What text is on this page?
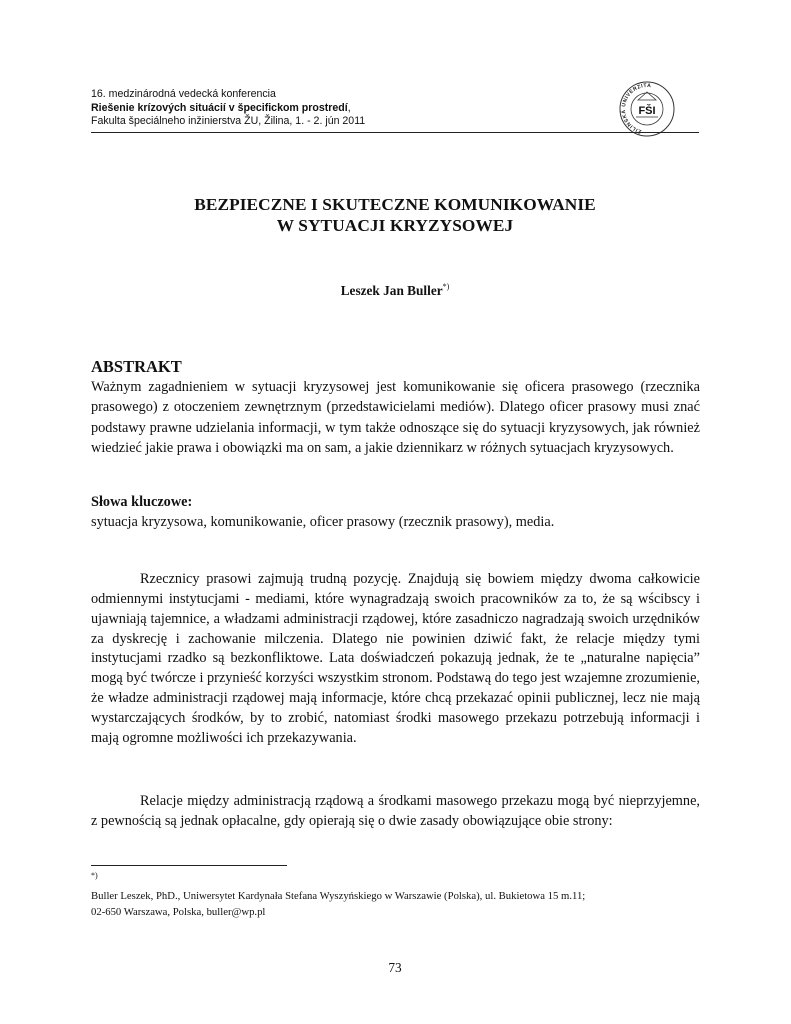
16. medzinárodná vedecká konferencia
Riešenie krízových situácií v špecifickom prostredí,
Fakulta špeciálneho inžinierstva ŽU, Žilina, 1. - 2. jún 2011
ŽILINSKÁ UNIVERZITA
FŠI
BEZPIECZNE I SKUTECZNE KOMUNIKOWANIE
W SYTUACJI KRYZYSOWEJ
Leszek Jan Buller*)
ABSTRAKT
Ważnym zagadnieniem w sytuacji kryzysowej jest komunikowanie się oficera prasowego (rzecznika prasowego) z otoczeniem zewnętrznym (przedstawicielami mediów). Dlatego oficer prasowy musi znać podstawy prawne udzielania informacji, w tym także odnoszące się do sytuacji kryzysowych, jak również wiedzieć jakie prawa i obowiązki ma on sam, a jakie dziennikarz w różnych sytuacjach kryzysowych.
Słowa kluczowe:
sytuacja kryzysowa, komunikowanie, oficer prasowy (rzecznik prasowy), media.
Rzecznicy prasowi zajmują trudną pozycję. Znajdują się bowiem między dwoma całkowicie odmiennymi instytucjami - mediami, które wynagradzają swoich pracowników za to, że są wścibscy i ujawniają tajemnice, a władzami administracji rządowej, które zasadniczo nagradzają swoich urzędników za dyskrecję i zachowanie milczenia. Dlatego nie powinien dziwić fakt, że relacje między tymi instytucjami rzadko są bezkonfliktowe. Lata doświadczeń pokazują jednak, że te „naturalne napięcia” mogą być twórcze i przynieść korzyści wszystkim stronom. Podstawą do tego jest wzajemne zrozumienie, że władze administracji rządowej mają informacje, które chcą przekazać opinii publicznej, lecz nie mają wystarczających środków, by to zrobić, natomiast środki masowego przekazu potrzebują informacji i mają ogromne możliwości ich przekazywania.
Relacje między administracją rządową a środkami masowego przekazu mogą być nieprzyjemne, z pewnością są jednak opłacalne, gdy opierają się o dwie zasady obowiązujące obie strony:
*)
Buller Leszek, PhD., Uniwersytet Kardynała Stefana Wyszyńskiego w Warszawie (Polska), ul. Bukietowa 15 m.11;
02-650 Warszawa, Polska, buller@wp.pl
73
